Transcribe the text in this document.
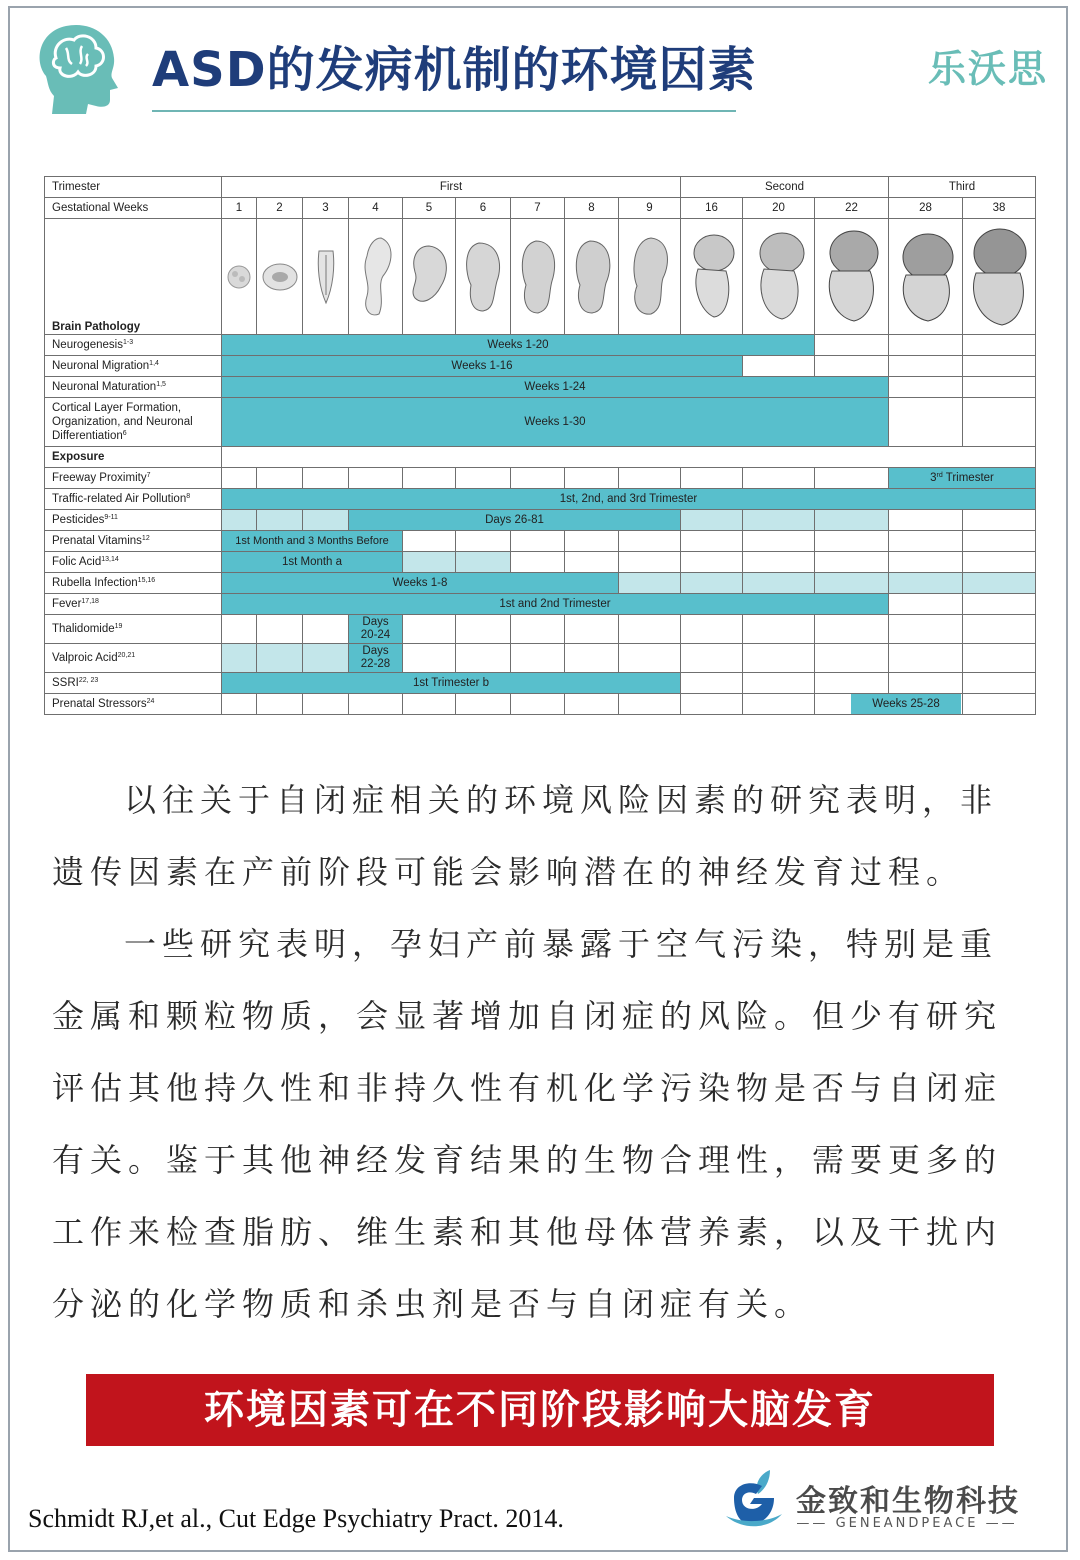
ASD的发病机制的环境因素	乐沃思
Trimester	First									Second			Third	
Gestational Weeks	1	2	3	4	5	6	7	8	9	16	20	22	28	38
Brain Pathology	

Neurogenesis$^{1-3}$	Weeks 1-20													
Neuronal Migration$^{1,4}$	Weeks 1-16													
Neuronal Maturation$^{1,5}$	Weeks 1-24													
Cortical Layer Formation,
Organization, and Neuronal
Differentiation$^6$	Weeks 1-30													
Exposure														
Freeway Proximity$^7$													3rd Trimester	
Traffic-related Air Pollution$^8$	1st, 2nd, and 3rd Trimester													
Pesticides$^{9-11}$				Days 26-81										
Prenatal Vitamins$^{12}$	1st Month and 3 Months Before													
Folic Acid$^{13,14}$	1st Month a													
Rubella Infection$^{15,16}$	Weeks 1-8													
Fever$^{17,18}$	1st and 2nd Trimester													
Thalidomide$^{19}$				Days
20-24										
Valproic Acid$^{20,21}$				Days
22-28										
SSRI$^{22, 23}$	1st Trimester b													
Prenatal Stressors$^{24}$												Weeks 25-28		

以往关于自闭症相关的环境风险因素的研究表明，非遗传因素在产前阶段可能会影响潜在的神经发育过程。
一些研究表明，孕妇产前暴露于空气污染，特别是重金属和颗粒物质，会显著增加自闭症的风险。但少有研究评估其他持久性和非持久性有机化学污染物是否与自闭症有关。鉴于其他神经发育结果的生物合理性，需要更多的工作来检查脂肪、维生素和其他母体营养素，以及干扰内分泌的化学物质和杀虫剂是否与自闭症有关。
环境因素可在不同阶段影响大脑发育
Schmidt RJ,et al., Cut Edge Psychiatry Pract. 2014.	金致和生物科技
—— GENEANDPEACE ——
